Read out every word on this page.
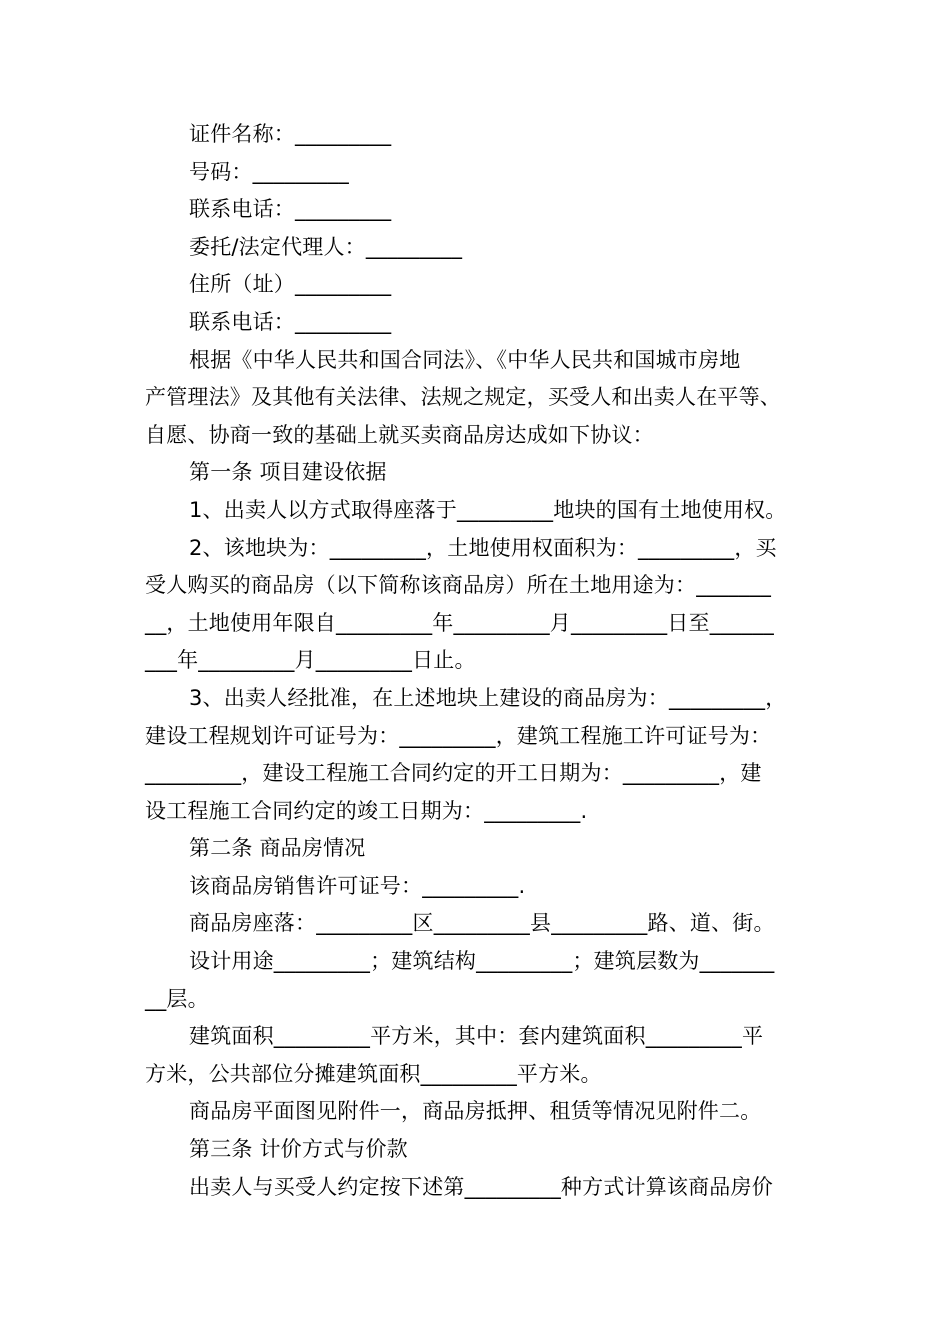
证件名称：_________
号码：_________
联系电话：_________
委托/法定代理人：_________
住所（址）_________
联系电话：_________
根据《中华人民共和国合同法》、《中华人民共和国城市房地
产管理法》及其他有关法律、法规之规定，买受人和出卖人在平等、
自愿、协商一致的基础上就买卖商品房达成如下协议：
第一条 项目建设依据
1、出卖人以方式取得座落于_________地块的国有土地使用权。
2、该地块为：_________，土地使用权面积为：_________，买
受人购买的商品房（以下简称该商品房）所在土地用途为：_______
__，土地使用年限自_________年_________月_________日至______
___年_________月_________日止。
3、出卖人经批准，在上述地块上建设的商品房为：_________，
建设工程规划许可证号为：_________，建筑工程施工许可证号为：
_________，建设工程施工合同约定的开工日期为：_________，建
设工程施工合同约定的竣工日期为：_________.
第二条 商品房情况
该商品房销售许可证号：_________.
商品房座落：_________区_________县_________路、道、街。
设计用途_________；建筑结构_________；建筑层数为_______
__层。
建筑面积_________平方米，其中：套内建筑面积_________平
方米，公共部位分摊建筑面积_________平方米。
商品房平面图见附件一，商品房抵押、租赁等情况见附件二。
第三条 计价方式与价款
出卖人与买受人约定按下述第_________种方式计算该商品房价
